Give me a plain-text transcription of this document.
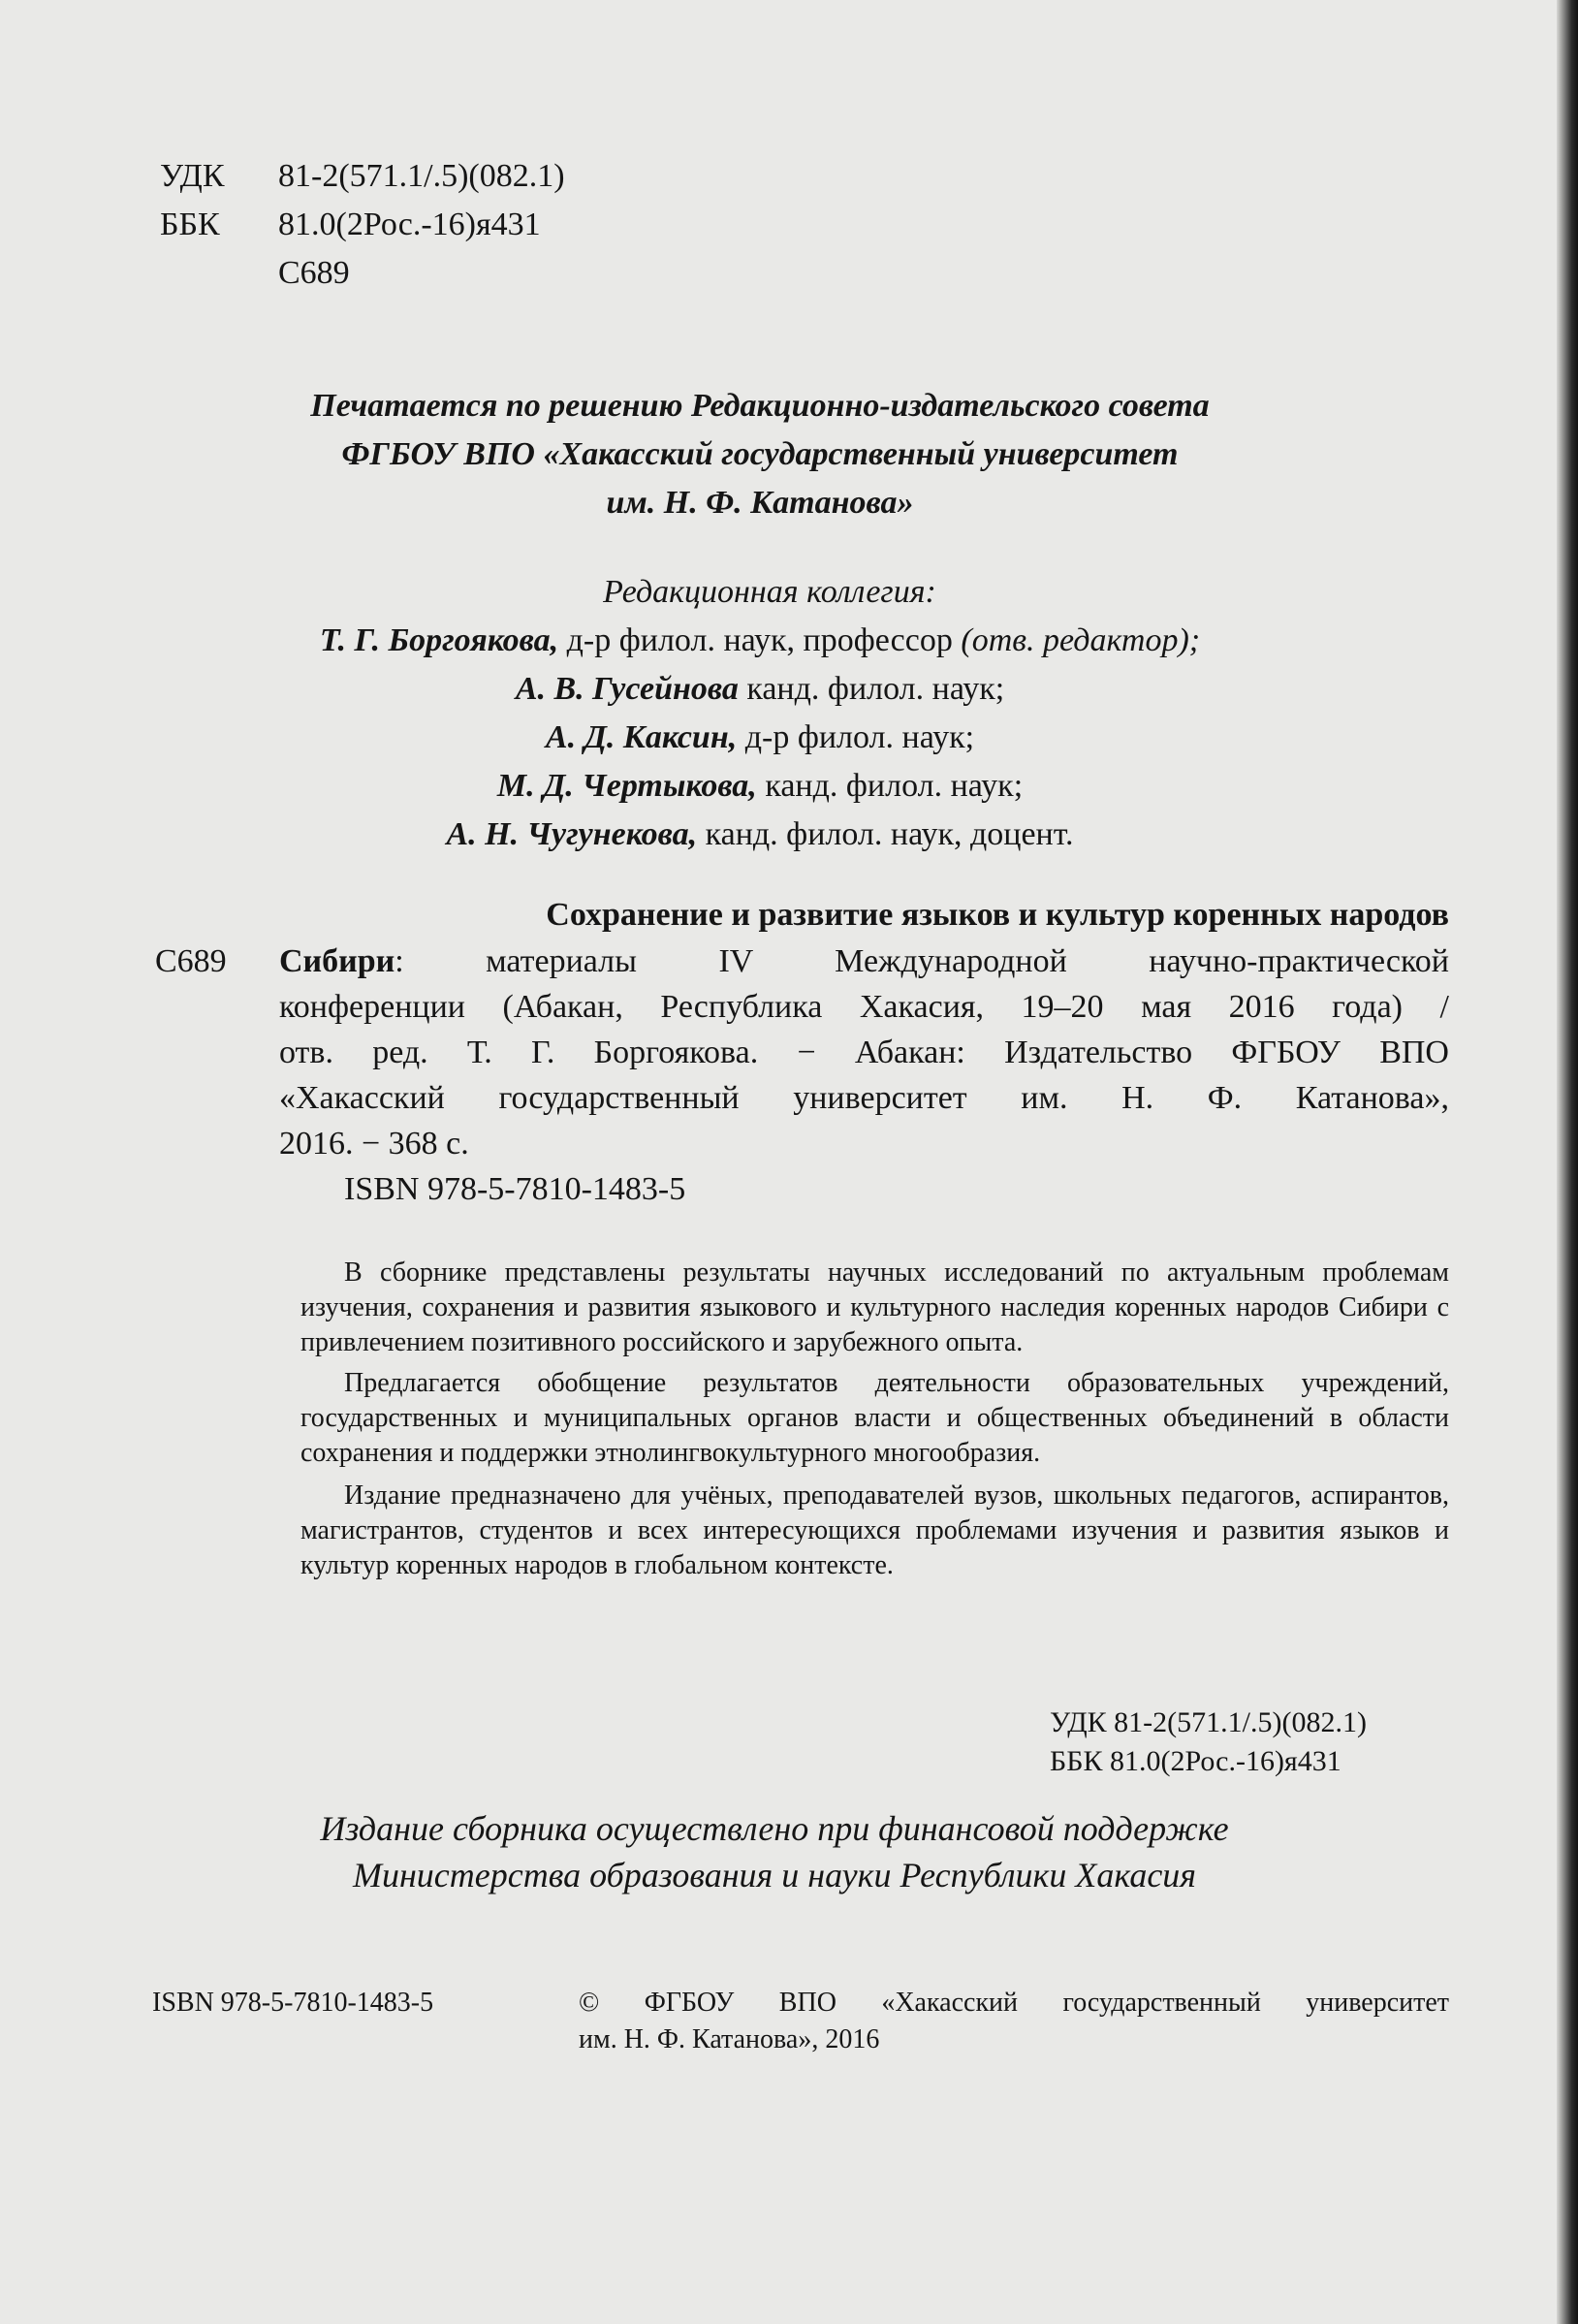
УДК 81-2(571.1/.5)(082.1)
ББК 81.0(2Рос.-16)я431
С689
Печатается по решению Редакционно-издательского совета
ФГБОУ ВПО «Хакасский государственный университет
им. Н. Ф. Катанова»
Редакционная коллегия:
Т. Г. Боргоякова, д-р филол. наук, профессор (отв. редактор);
А. В. Гусейнова канд. филол. наук;
А. Д. Каксин, д-р филол. наук;
М. Д. Чертыкова, канд. филол. наук;
А. Н. Чугунекова, канд. филол. наук, доцент.
Сохранение и развитие языков и культур коренных народов
С689 Сибири: материалы IV Международной научно-практической
конференции (Абакан, Республика Хакасия, 19–20 мая 2016 года) /
отв. ред. Т. Г. Боргоякова. − Абакан: Издательство ФГБОУ ВПО
«Хакасский государственный университет им. Н. Ф. Катанова»,
2016. − 368 с.
ISBN 978-5-7810-1483-5

В сборнике представлены результаты научных исследований по актуальным проблемам изучения, сохранения и развития языкового и культурного наследия коренных народов Сибири с привлечением позитивного российского и зарубежного опыта.

Предлагается обобщение результатов деятельности образовательных учреждений, государственных и муниципальных органов власти и общественных объединений в области сохранения и поддержки этнолингвокультурного многообразия.

Издание предназначено для учёных, преподавателей вузов, школьных педагогов, аспирантов, магистрантов, студентов и всех интересующихся проблемами изучения и развития языков и культур коренных народов в глобальном контексте.

УДК 81-2(571.1/.5)(082.1)
ББК 81.0(2Рос.-16)я431
Издание сборника осуществлено при финансовой поддержке
Министерства образования и науки Республики Хакасия
ISBN 978-5-7810-1483-5	© ФГБОУ ВПО «Хакасский государственный университет
им. Н. Ф. Катанова», 2016
